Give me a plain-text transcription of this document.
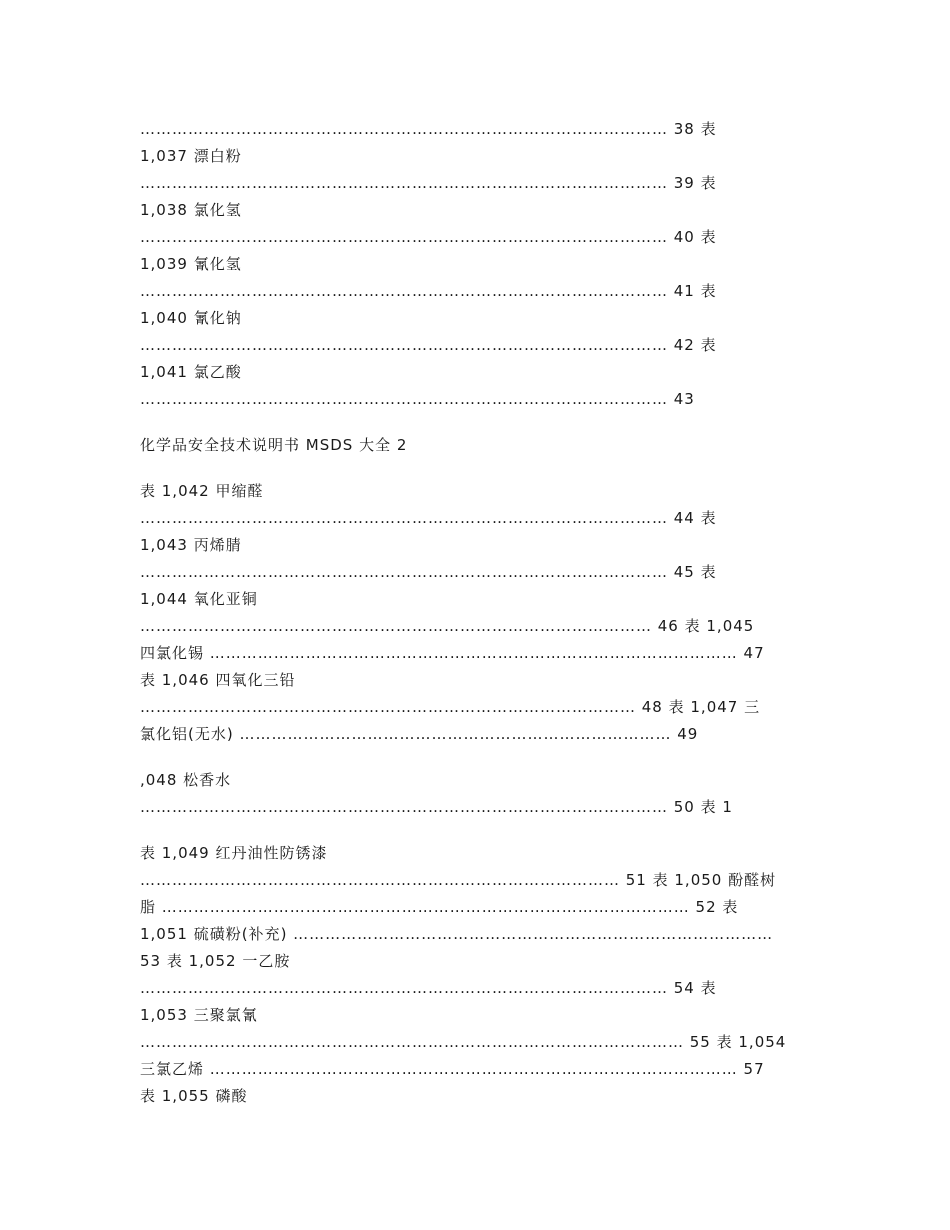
……………………………………………………………………………………… 38 表
1,037 漂白粉
……………………………………………………………………………………… 39 表
1,038 氯化氢
……………………………………………………………………………………… 40 表
1,039 氰化氢
……………………………………………………………………………………… 41 表
1,040 氰化钠
……………………………………………………………………………………… 42 表
1,041 氯乙酸
……………………………………………………………………………………… 43
化学品安全技术说明书 MSDS 大全 2
表 1,042 甲缩醛
……………………………………………………………………………………… 44 表
1,043 丙烯腈
……………………………………………………………………………………… 45 表
1,044 氧化亚铜
…………………………………………………………………………………… 46 表 1,045
四氯化锡 ……………………………………………………………………………………… 47
表 1,046 四氧化三铅
………………………………………………………………………………… 48 表 1,047 三
氯化铝(无水) ……………………………………………………………………… 49
,048 松香水
……………………………………………………………………………………… 50 表 1
表 1,049 红丹油性防锈漆
……………………………………………………………………………… 51 表 1,050 酚醛树
脂 ……………………………………………………………………………………… 52 表
1,051 硫磺粉(补充) ………………………………………………………………………………
53 表 1,052 一乙胺
……………………………………………………………………………………… 54 表
1,053 三聚氯氰
………………………………………………………………………………………… 55 表 1,054
三氯乙烯 ……………………………………………………………………………………… 57
表 1,055 磷酸
